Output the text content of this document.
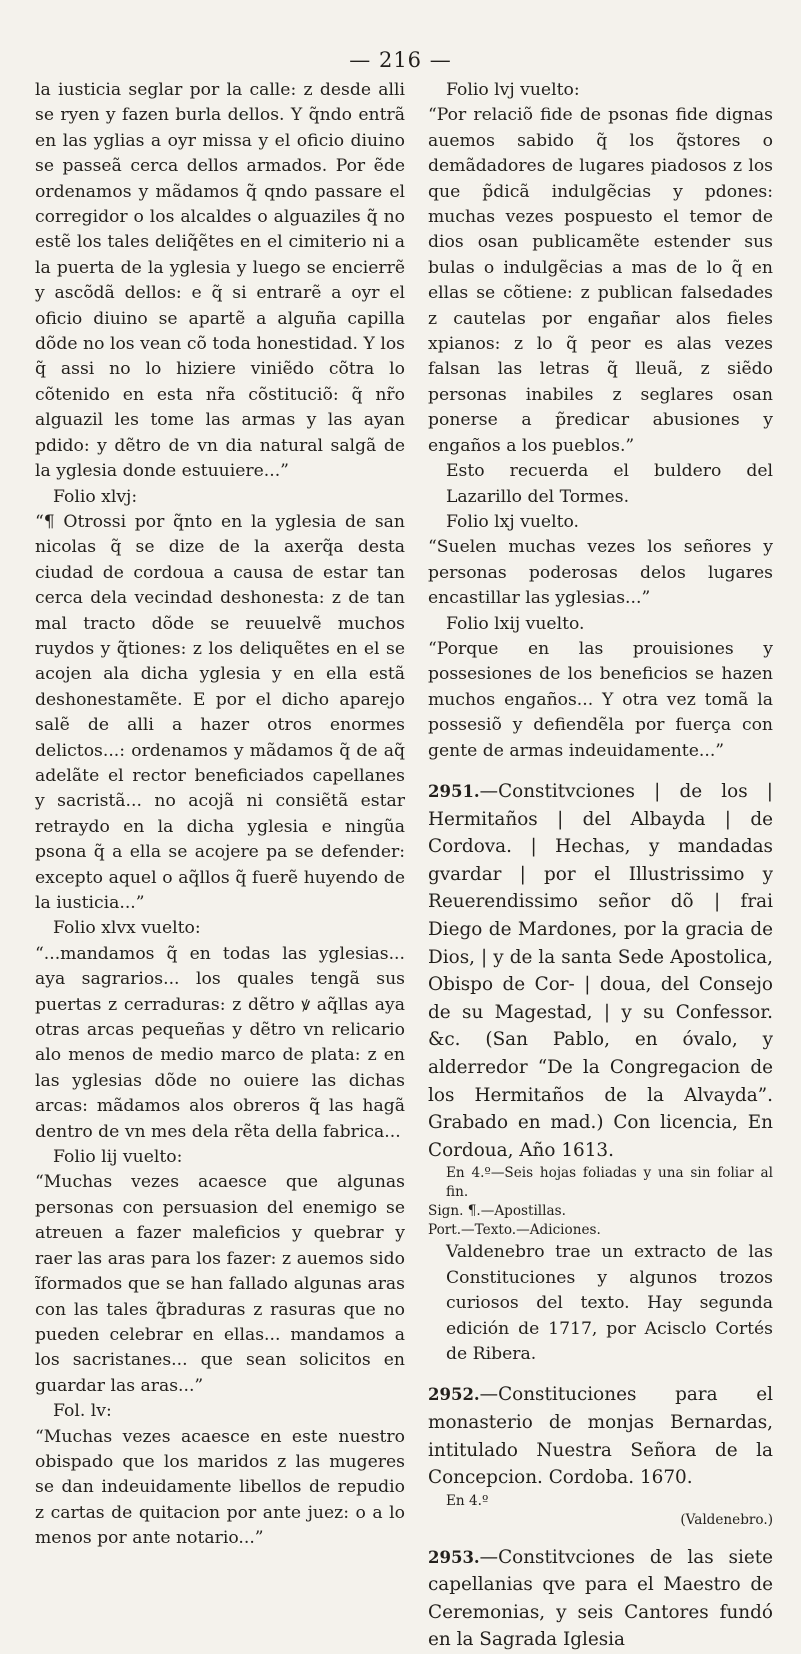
— 216 —

la iusticia seglar por la calle: z desde alli se ryen y fazen burla dellos. Y q̃ndo entrã en las yglias a oyr missa y el oficio diuino se passeã cerca dellos armados. Por ẽde ordenamos y mãdamos q̃ qndo passare el corregidor o los alcaldes o alguaziles q̃ no estẽ los tales deliq̃ẽtes en el cimiterio ni a la puerta de la yglesia y luego se encierrẽ y ascõdã dellos: e q̃ si entrarẽ a oyr el oficio diuino se apartẽ a alguña capilla dõde no los vean cõ toda honestidad. Y los q̃ assi no lo hiziere viniẽdo cõtra lo cõtenido en esta nr̃a cõstituciõ: q̃ nr̃o alguazil les tome las armas y las ayan pdido: y dẽtro de vn dia natural salgã de la yglesia donde estuuiere...”

Folio xlvj:

“¶ Otrossi por q̃nto en la yglesia de san nicolas q̃ se dize de la axerq̃a desta ciudad de cordoua a causa de estar tan cerca dela vecindad deshonesta: z de tan mal tracto dõde se reuuelvẽ muchos ruydos y q̃tiones: z los deliquẽtes en el se acojen ala dicha yglesia y en ella estã deshonestamẽte. E por el dicho aparejo salẽ de alli a hazer otros enormes delictos...: ordenamos y mãdamos q̃ de aq̃ adelãte el rector beneficiados capellanes y sacristã... no acojã ni consiẽtã estar retraydo en la dicha yglesia e ningũa psona q̃ a ella se acojere pa se defender: excepto aquel o aq̃llos q̃ fuerẽ huyendo de la iusticia...”

Folio xlvx vuelto:

“...mandamos q̃ en todas las yglesias... aya sagrarios... los quales tengã sus puertas z cerraduras: z dẽtro ꝟ aq̃llas aya otras arcas pequeñas y dẽtro vn relicario alo menos de medio marco de plata: z en las yglesias dõde no ouiere las dichas arcas: mãdamos alos obreros q̃ las hagã dentro de vn mes dela rẽta della fabrica...

Folio lij vuelto:

“Muchas vezes acaesce que algunas personas con persuasion del enemigo se atreuen a fazer maleficios y quebrar y raer las aras para los fazer: z auemos sido ĩformados que se han fallado algunas aras con las tales q̃braduras z rasuras que no pueden celebrar en ellas... mandamos a los sacristanes... que sean solicitos en guardar las aras...”

Fol. lv:

“Muchas vezes acaesce en este nuestro obispado que los maridos z las mugeres se dan indeuidamente libellos de repudio z cartas de quitacion por ante juez: o a lo menos por ante notario...”

Folio lvj vuelto:

“Por relaciõ fide de psonas fide dignas auemos sabido q̃ los q̃stores o demãdadores de lugares piadosos z los que p̃dicã indulgẽcias y pdones: muchas vezes pospuesto el temor de dios osan publicamẽte estender sus bulas o indulgẽcias a mas de lo q̃ en ellas se cõtiene: z publican falsedades z cautelas por engañar alos fieles xpianos: z lo q̃ peor es alas vezes falsan las letras q̃ lleuã, z siẽdo personas inabiles z seglares osan ponerse a p̃redicar abusiones y engaños a los pueblos.”

Esto recuerda el buldero del Lazarillo del Tormes.

Folio lxj vuelto.

“Suelen muchas vezes los señores y personas poderosas delos lugares encastillar las yglesias...”

Folio lxij vuelto.

“Porque en las prouisiones y possesiones de los beneficios se hazen muchos engaños... Y otra vez tomã la possesiõ y defiendẽla por fuerça con gente de armas indeuidamente...”

2951.—Constitvciones | de los | Hermitaños | del Albayda | de Cordova. | Hechas, y mandadas gvardar | por el Illustrissimo y Reuerendissimo señor dõ | frai Diego de Mardones, por la gracia de Dios, | y de la santa Sede Apostolica, Obispo de Cor- | doua, del Consejo de su Magestad, | y su Confessor. &c. (San Pablo, en óvalo, y alderredor “De la Congregacion de los Hermitaños de la Alvayda”. Grabado en mad.) Con licencia, En Cordoua, Año 1613.

En 4.º—Seis hojas foliadas y una sin foliar al fin.

Sign. ¶.—Apostillas.

Port.—Texto.—Adiciones.

Valdenebro trae un extracto de las Constituciones y algunos trozos curiosos del texto. Hay segunda edición de 1717, por Acisclo Cortés de Ribera.

2952.—Constituciones para el monasterio de monjas Bernardas, intitulado Nuestra Señora de la Concepcion. Cordoba. 1670.

En 4.º

(Valdenebro.)

2953.—Constitvciones de las siete capellanias qve para el Maestro de Ceremonias, y seis Cantores fundó en la Sagrada Iglesia
